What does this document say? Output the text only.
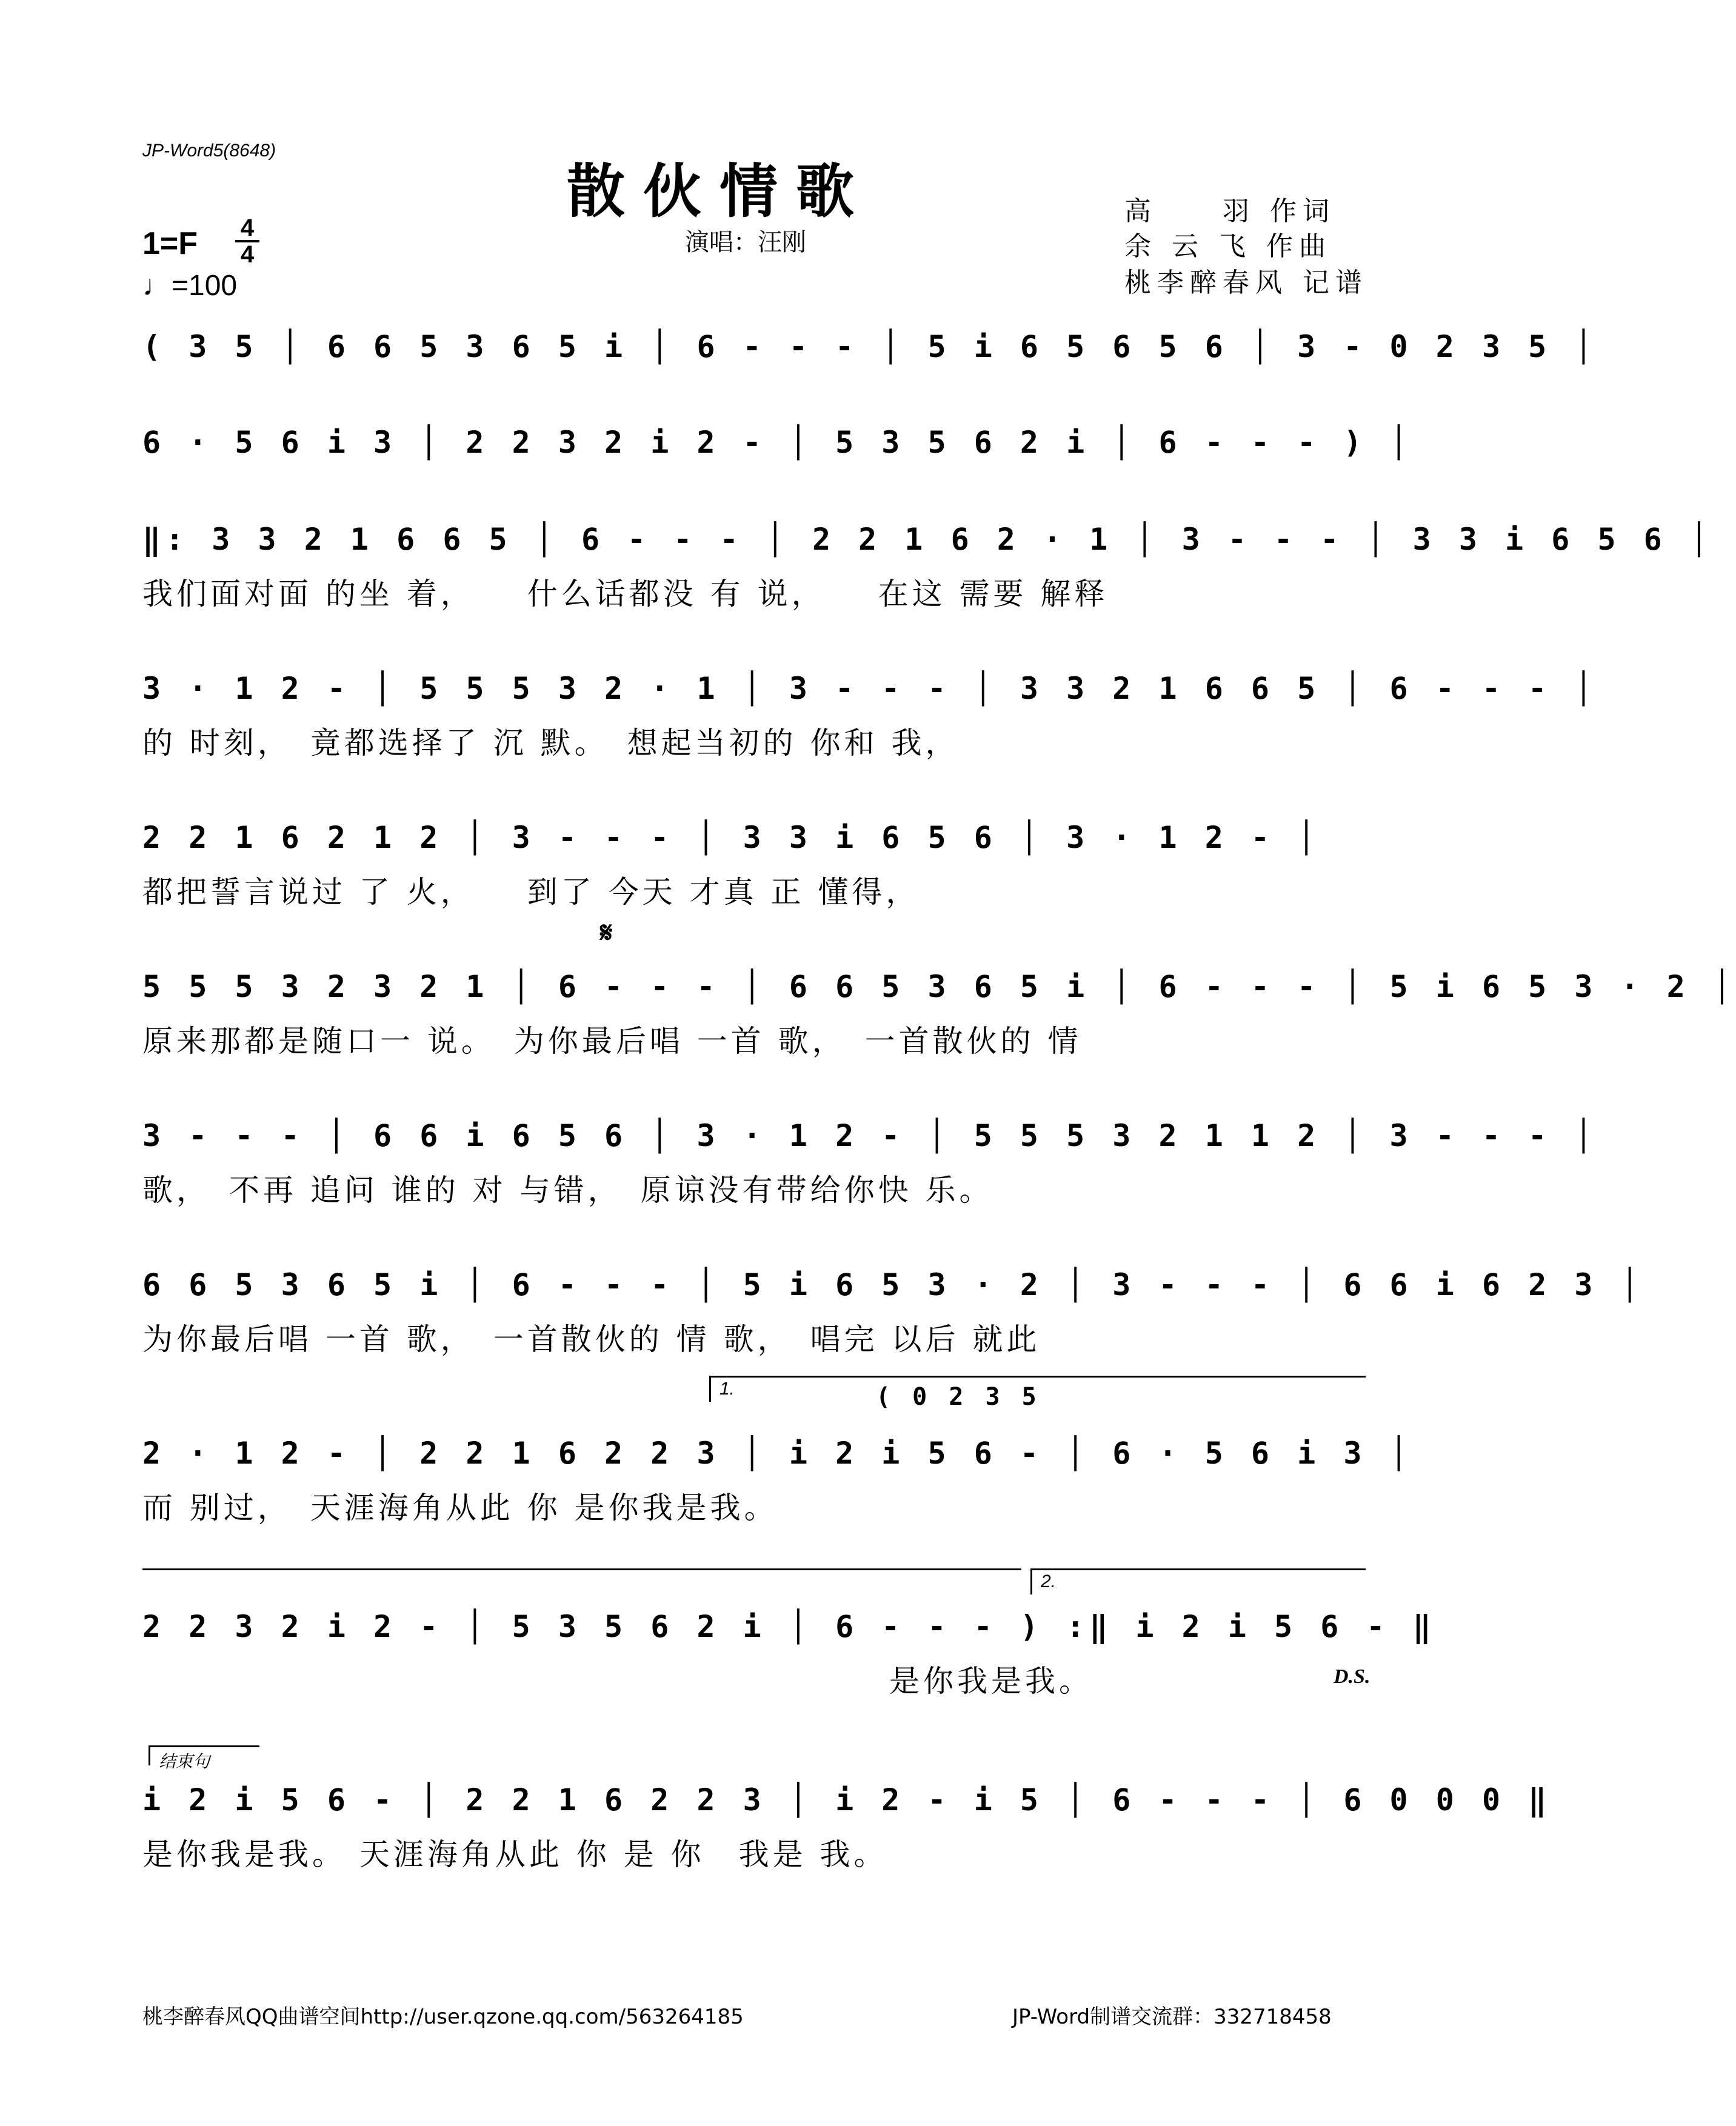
JP-Word5(8648)
散伙情歌
演唱：汪刚
高　　羽 作词
余 云 飞 作曲
桃李醉春风 记谱
1=F 4
4
♩=100
( 3 5 │ 6 6 5 3 6 5 i │ 6 - - - │ 5 i 6 5 6 5 6 │ 3 - 0 2 3 5 │
6 · 5 6 i 3 │ 2 2 3 2 i 2 - │ 5 3 5 6 2 i │ 6 - - - ) │
‖: 3 3 2 1 6 6 5 │ 6 - - - │ 2 2 1 6 2 · 1 │ 3 - - - │ 3 3 i 6 5 6 │
我们面对面 的坐 着，　　什么话都没 有 说，　　在这 需要 解释
3 · 1 2 - │ 5 5 5 3 2 · 1 │ 3 - - - │ 3 3 2 1 6 6 5 │ 6 - - - │
的 时刻，　竟都选择了 沉 默。　想起当初的 你和 我，
2 2 1 6 2 1 2 │ 3 - - - │ 3 3 i 6 5 6 │ 3 · 1 2 - │
都把誓言说过 了 火，　　到了 今天 才真 正 懂得，
𝄋
5 5 5 3 2 3 2 1 │ 6 - - - │ 6 6 5 3 6 5 i │ 6 - - - │ 5 i 6 5 3 · 2 │
原来那都是随口一 说。　为你最后唱 一首 歌，　一首散伙的 情
3 - - - │ 6 6 i 6 5 6 │ 3 · 1 2 - │ 5 5 5 3 2 1 1 2 │ 3 - - - │
歌，　不再 追问 谁的 对 与错，　原谅没有带给你快 乐。
6 6 5 3 6 5 i │ 6 - - - │ 5 i 6 5 3 · 2 │ 3 - - - │ 6 6 i 6 2 3 │
为你最后唱 一首 歌，　一首散伙的 情 歌，　唱完 以后 就此
1.	( 0 2 3 5
2 · 1 2 - │ 2 2 1 6 2 2 3 │ i 2 i 5 6 - │ 6 · 5 6 i 3 │
而 别过，　天涯海角从此 你 是你我是我。
2.
2 2 3 2 i 2 - │ 5 3 5 6 2 i │ 6 - - - ) :‖ i 2 i 5 6 - ‖
　　　　　　　　　　　　　　　　　　　　　　是你我是我。	D.S.
结束句
i 2 i 5 6 - │ 2 2 1 6 2 2 3 │ i 2 - i 5 │ 6 - - - │ 6 0 0 0 ‖
是你我是我。 天涯海角从此 你 是 你　我是 我。
桃李醉春风QQ曲谱空间http://user.qzone.qq.com/563264185	JP-Word制谱交流群：332718458
